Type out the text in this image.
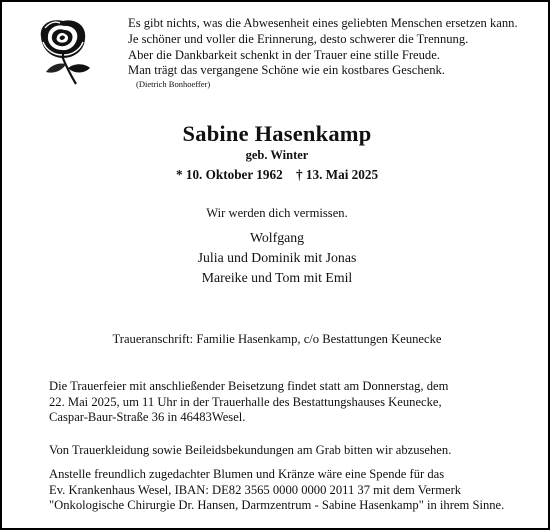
Es gibt nichts, was die Abwesenheit eines geliebten Menschen ersetzen kann.
Je schöner und voller die Erinnerung, desto schwerer die Trennung.
Aber die Dankbarkeit schenkt in der Trauer eine stille Freude.
Man trägt das vergangene Schöne wie ein kostbares Geschenk.
(Dietrich Bonhoeffer)
Sabine Hasenkamp
geb. Winter
* 10. Oktober 1962 † 13. Mai 2025
Wir werden dich vermissen.
Wolfgang
Julia und Dominik mit Jonas
Mareike und Tom mit Emil
Traueranschrift: Familie Hasenkamp, c/o Bestattungen Keunecke
Die Trauerfeier mit anschließender Beisetzung findet statt am Donnerstag, dem
22. Mai 2025, um 11 Uhr in der Trauerhalle des Bestattungshauses Keunecke,
Caspar-Baur-Straße 36 in 46483Wesel.
Von Trauerkleidung sowie Beileidsbekundungen am Grab bitten wir abzusehen.
Anstelle freundlich zugedachter Blumen und Kränze wäre eine Spende für das
Ev. Krankenhaus Wesel, IBAN: DE82 3565 0000 0000 2011 37 mit dem Vermerk
"Onkologische Chirurgie Dr. Hansen, Darmzentrum - Sabine Hasenkamp" in ihrem Sinne.
